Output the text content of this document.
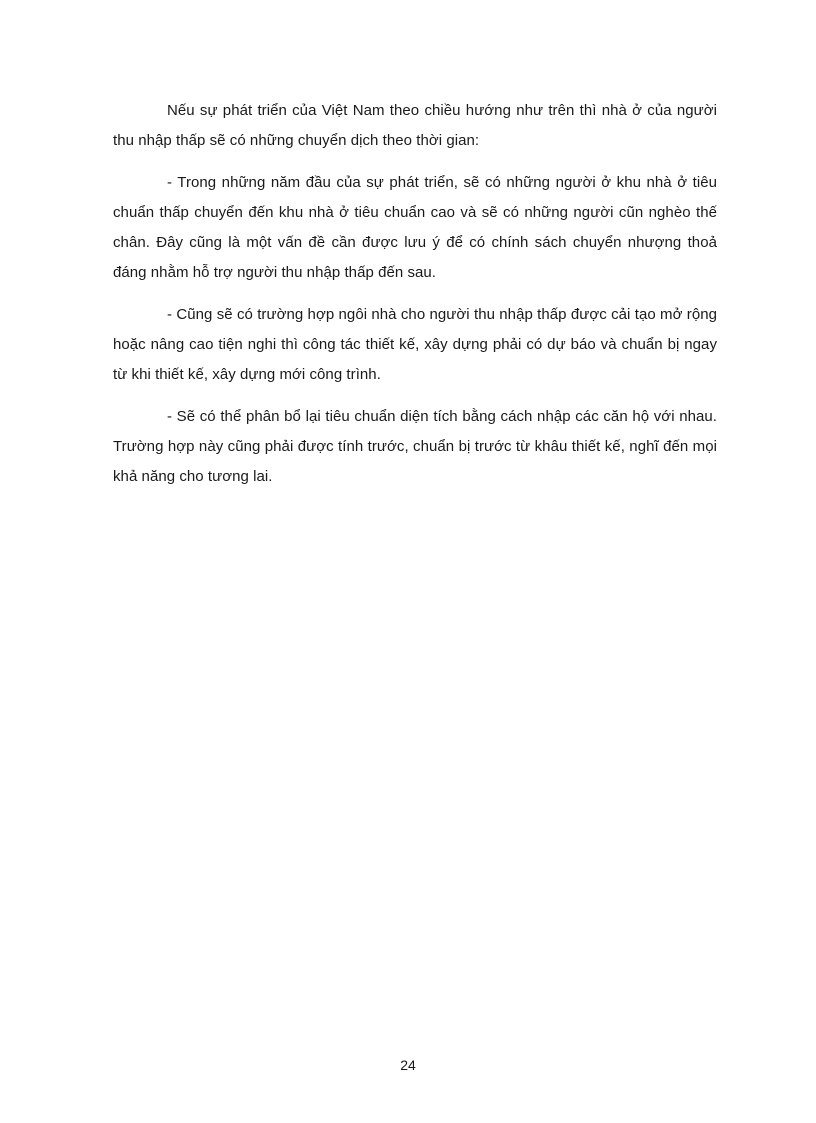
Nếu sự phát triển của Việt Nam theo chiều hướng như trên thì nhà ở của người thu nhập thấp sẽ có những chuyển dịch theo thời gian:

- Trong những năm đầu của sự phát triển, sẽ có những người ở khu nhà ở tiêu chuẩn thấp chuyển đến khu nhà ở tiêu chuẩn cao và sẽ có những người cũn nghèo thế chân. Đây cũng là một vấn đề cần được lưu ý để có chính sách chuyển nhượng thoả đáng nhằm hỗ trợ người thu nhập thấp đến sau.

- Cũng sẽ có trường hợp ngôi nhà cho người thu nhập thấp được cải tạo mở rộng hoặc nâng cao tiện nghi thì công tác thiết kế, xây dựng phải có dự báo và chuẩn bị ngay từ khi thiết kế, xây dựng mới công trình.

- Sẽ có thể phân bổ lại tiêu chuẩn diện tích bằng cách nhập các căn hộ với nhau. Trường hợp này cũng phải được tính trước, chuẩn bị trước từ khâu thiết kế, nghĩ đến mọi khả năng cho tương lai.

24
